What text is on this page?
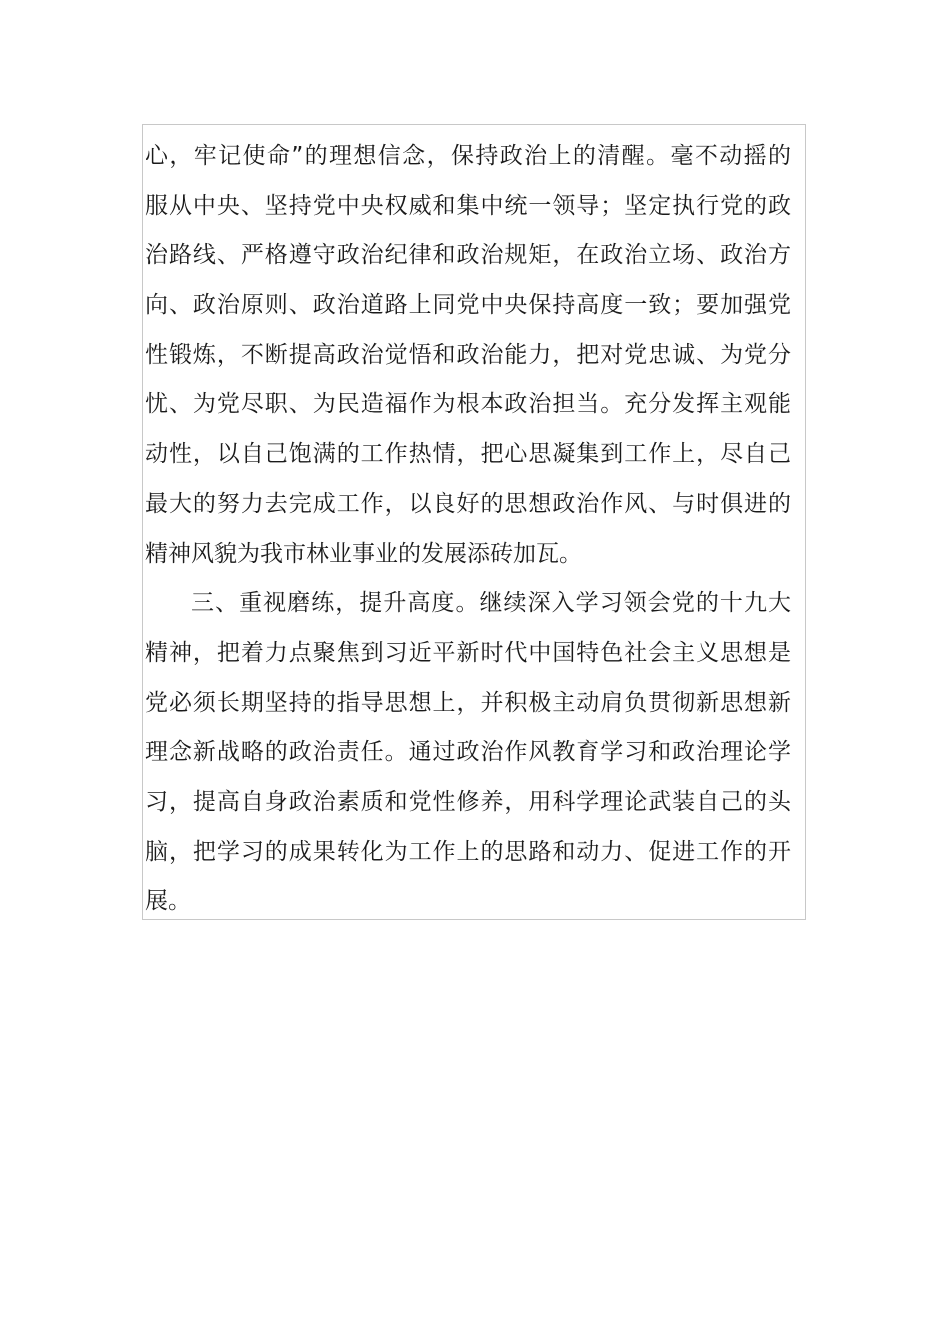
心，牢记使命”的理想信念，保持政治上的清醒。毫不动摇的
服从中央、坚持党中央权威和集中统一领导；坚定执行党的政
治路线、严格遵守政治纪律和政治规矩，在政治立场、政治方
向、政治原则、政治道路上同党中央保持高度一致；要加强党
性锻炼，不断提高政治觉悟和政治能力，把对党忠诚、为党分
忧、为党尽职、为民造福作为根本政治担当。充分发挥主观能
动性，以自己饱满的工作热情，把心思凝集到工作上，尽自己
最大的努力去完成工作，以良好的思想政治作风、与时俱进的
精神风貌为我市林业事业的发展添砖加瓦。
三、重视磨练，提升高度。继续深入学习领会党的十九大
精神，把着力点聚焦到习近平新时代中国特色社会主义思想是
党必须长期坚持的指导思想上，并积极主动肩负贯彻新思想新
理念新战略的政治责任。通过政治作风教育学习和政治理论学
习，提高自身政治素质和党性修养，用科学理论武装自己的头
脑，把学习的成果转化为工作上的思路和动力、促进工作的开
展。
